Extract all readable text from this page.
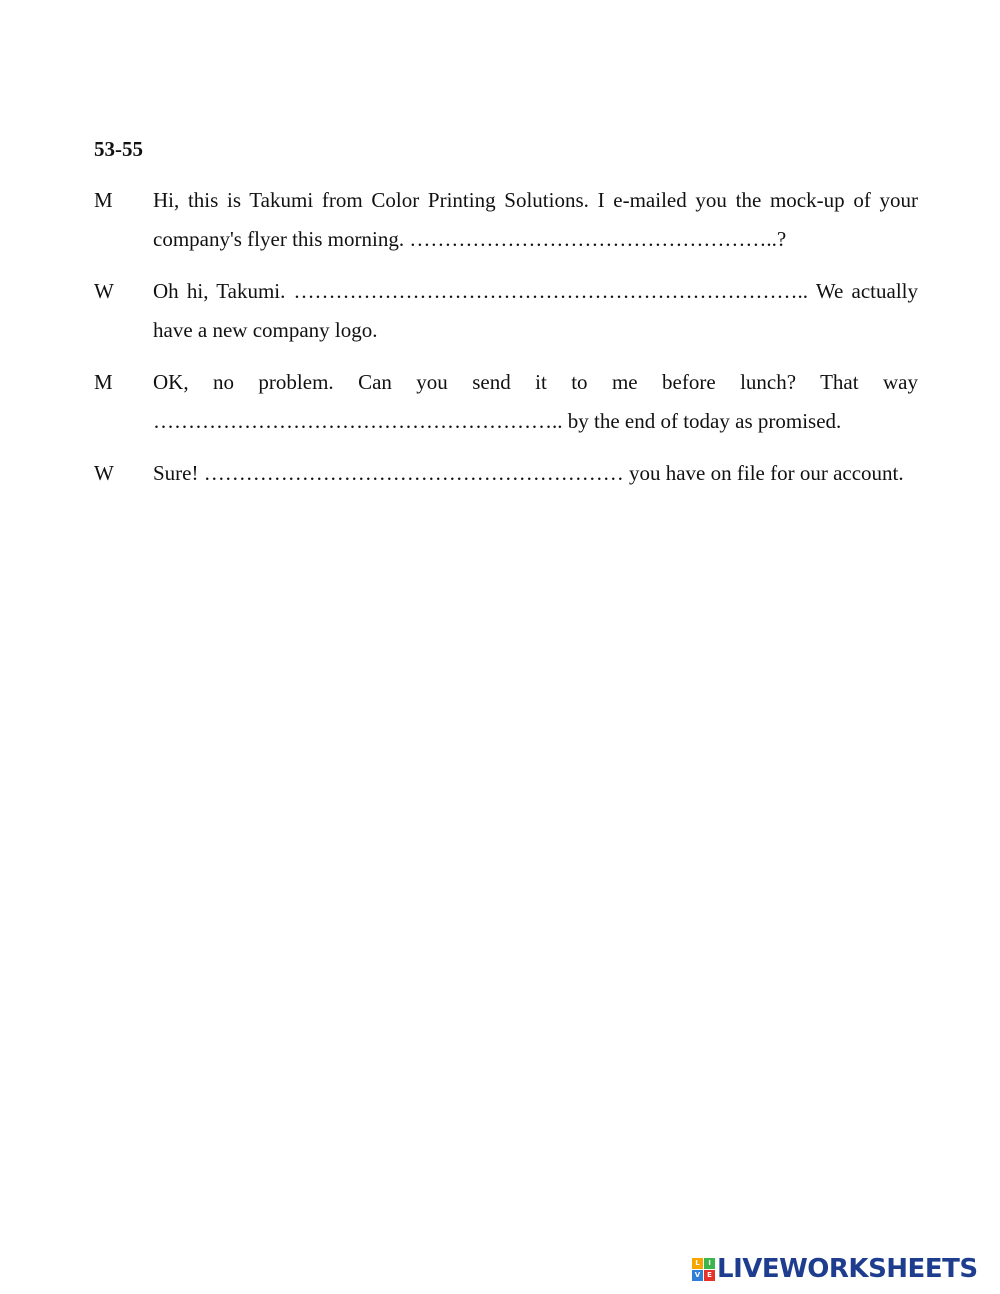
53-55
M	Hi, this is Takumi from Color Printing Solutions. I e-mailed you the mock-up of your company's flyer this morning. ……………………………………………..?

W	Oh hi, Takumi. ……………………………………………………………….. We actually have a new company logo.

M	OK, no problem. Can you send it to me before lunch? That way ………………………………………………….. by the end of today as promised.

W	Sure! …………………………………………………… you have on file for our account.

L	I
V E LIVEWORKSHEETS
